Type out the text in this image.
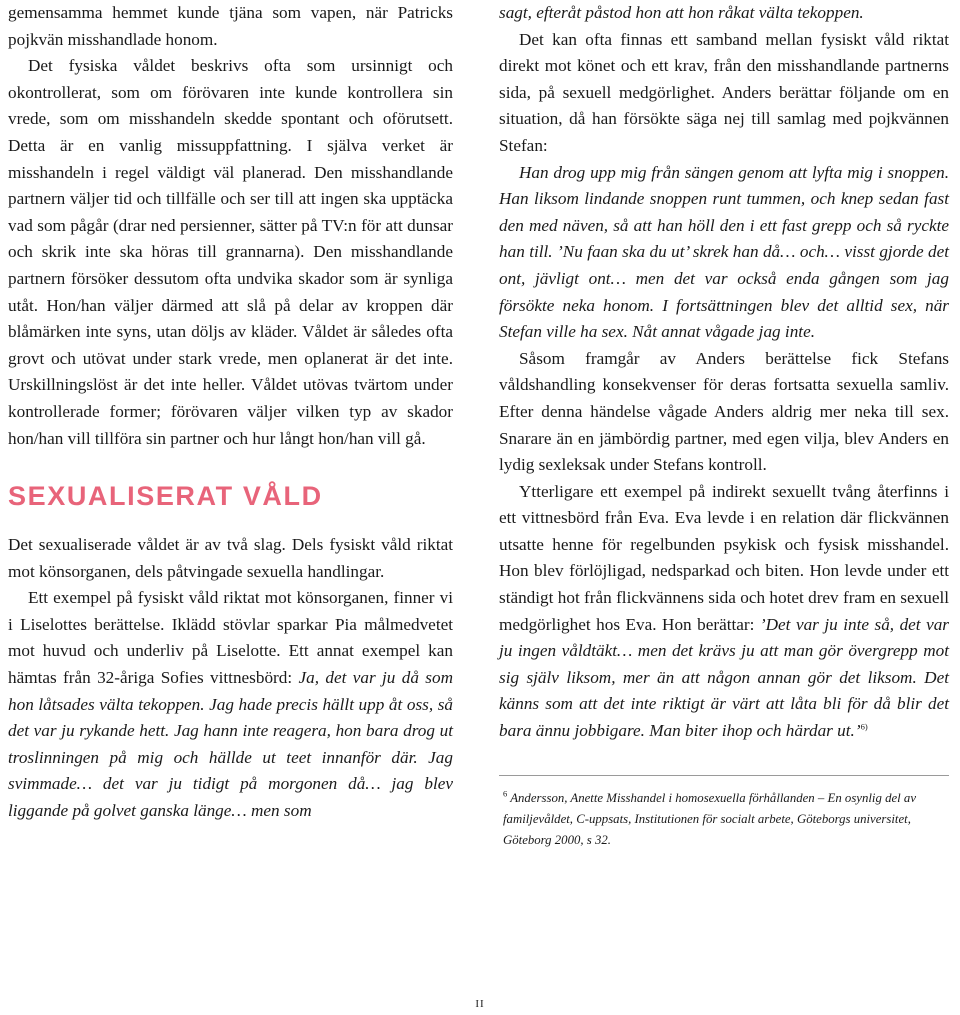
gemensamma hemmet kunde tjäna som vapen, när Patricks pojkvän misshandlade honom.

Det fysiska våldet beskrivs ofta som ursinnigt och okontrollerat, som om förövaren inte kunde kontrollera sin vrede, som om misshandeln skedde spontant och oförutsett. Detta är en vanlig missuppfattning. I själva verket är misshandeln i regel väldigt väl planerad. Den misshandlande partnern väljer tid och tillfälle och ser till att ingen ska upptäcka vad som pågår (drar ned persienner, sätter på TV:n för att dunsar och skrik inte ska höras till grannarna). Den misshandlande partnern försöker dessutom ofta undvika skador som är synliga utåt. Hon/han väljer därmed att slå på delar av kroppen där blåmärken inte syns, utan döljs av kläder. Våldet är således ofta grovt och utövat under stark vrede, men oplanerat är det inte. Urskillningslöst är det inte heller. Våldet utövas tvärtom under kontrollerade former; förövaren väljer vilken typ av skador hon/han vill tillföra sin partner och hur långt hon/han vill gå.

SEXUALISERAT VÅLD

Det sexualiserade våldet är av två slag. Dels fysiskt våld riktat mot könsorganen, dels påtvingade sexuella handlingar.

Ett exempel på fysiskt våld riktat mot könsorganen, finner vi i Liselottes berättelse. Iklädd stövlar sparkar Pia målmedvetet mot huvud och underliv på Liselotte. Ett annat exempel kan hämtas från 32-åriga Sofies vittnesbörd: Ja, det var ju då som hon låtsades välta tekoppen. Jag hade precis hällt upp åt oss, så det var ju rykande hett. Jag hann inte reagera, hon bara drog ut troslinningen på mig och hällde ut teet innanför där. Jag svimmade… det var ju tidigt på morgonen då… jag blev liggande på golvet ganska länge… men som

sagt, efteråt påstod hon att hon råkat välta tekoppen.

Det kan ofta finnas ett samband mellan fysiskt våld riktat direkt mot könet och ett krav, från den misshandlande partnerns sida, på sexuell medgörlighet. Anders berättar följande om en situation, då han försökte säga nej till samlag med pojkvännen Stefan:

Han drog upp mig från sängen genom att lyfta mig i snoppen. Han liksom lindande snoppen runt tummen, och knep sedan fast den med näven, så att han höll den i ett fast grepp och så ryckte han till. ’Nu faan ska du ut’ skrek han då… och… visst gjorde det ont, jävligt ont… men det var också enda gången som jag försökte neka honom. I fortsättningen blev det alltid sex, när Stefan ville ha sex. Nåt annat vågade jag inte.

Såsom framgår av Anders berättelse fick Stefans våldshandling konsekvenser för deras fortsatta sexuella samliv. Efter denna händelse vågade Anders aldrig mer neka till sex. Snarare än en jämbördig partner, med egen vilja, blev Anders en lydig sexleksak under Stefans kontroll.

Ytterligare ett exempel på indirekt sexuellt tvång återfinns i ett vittnesbörd från Eva. Eva levde i en relation där flickvännen utsatte henne för regelbunden psykisk och fysisk misshandel. Hon blev förlöjligad, nedsparkad och biten. Hon levde under ett ständigt hot från flickvännens sida och hotet drev fram en sexuell medgörlighet hos Eva. Hon berättar: ’Det var ju inte så, det var ju ingen våldtäkt… men det krävs ju att man gör övergrepp mot sig själv liksom, mer än att någon annan gör det liksom. Det känns som att det inte riktigt är värt att låta bli för då blir det bara ännu jobbigare. Man biter ihop och härdar ut.’$^{6)}$

$^6$ Andersson, Anette Misshandel i homosexuella förhållanden – En osynlig del av familjevåldet, C-uppsats, Institutionen för socialt arbete, Göteborgs universitet, Göteborg 2000, s 32.

II
